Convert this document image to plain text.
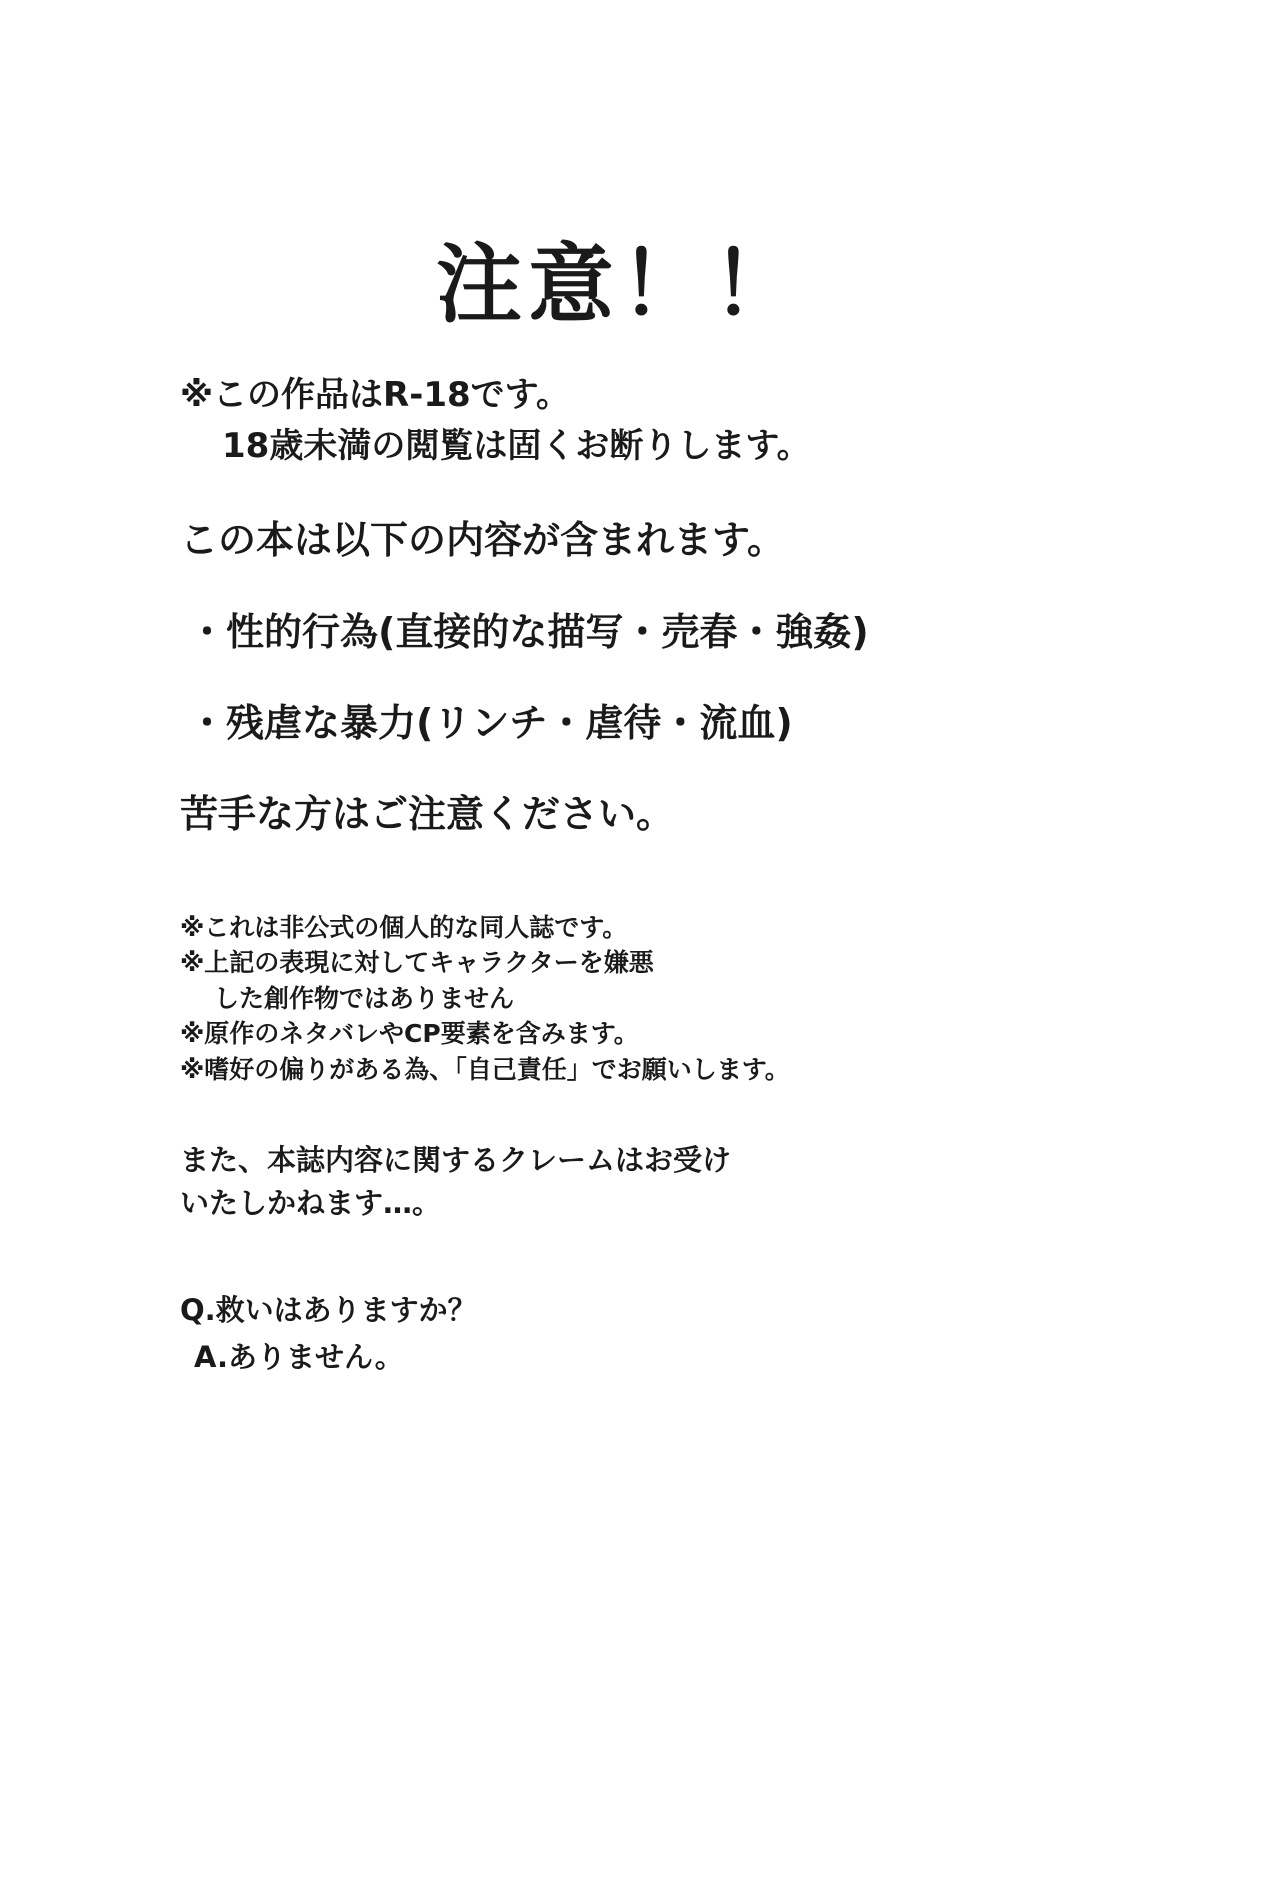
注意！！
※この作品はR-18です。
18歳未満の閲覧は固くお断りします。

この本は以下の内容が含まれます。

・性的行為(直接的な描写・売春・強姦)

・残虐な暴力(リンチ・虐待・流血)

苦手な方はご注意ください。

※これは非公式の個人的な同人誌です。
※上記の表現に対してキャラクターを嫌悪
した創作物ではありません
※原作のネタバレやCP要素を含みます。
※嗜好の偏りがある為、「自己責任」でお願いします。
また、本誌内容に関するクレームはお受け
いたしかねます…。
Q.救いはありますか？
A.ありません。
